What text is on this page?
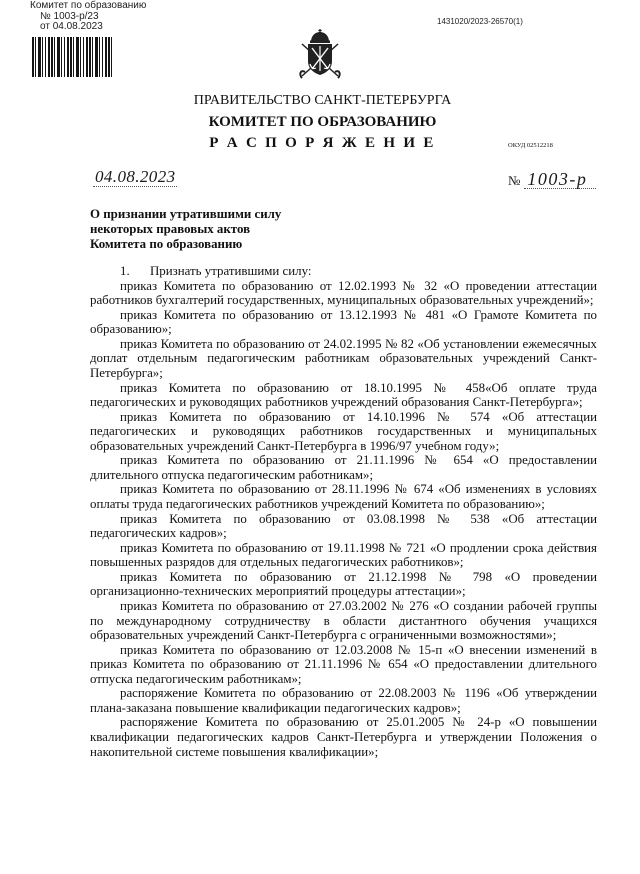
Комитет по образованию
№ 1003-р/23
от 04.08.2023	1431020/2023-26570(1)
ПРАВИТЕЛЬСТВО САНКТ-ПЕТЕРБУРГА
КОМИТЕТ ПО ОБРАЗОВАНИЮ
Р А С П О Р Я Ж Е Н И Е	ОКУД 02512218
04.08.2023	№ 1003-р
О признании утратившими силу
некоторых правовых актов
Комитета по образованию

1. Признать утратившими силу:

приказ Комитета по образованию от 12.02.1993 № 32 «О проведении аттестации работников бухгалтерий государственных, муниципальных образовательных учреждений»;

приказ Комитета по образованию от 13.12.1993 № 481 «О Грамоте Комитета по образованию»;

приказ Комитета по образованию от 24.02.1995 № 82 «Об установлении ежемесячных доплат отдельным педагогическим работникам образовательных учреждений Санкт-Петербурга»;

приказ Комитета по образованию от 18.10.1995 № 458«Об оплате труда педагогических и руководящих работников учреждений образования Санкт-Петербурга»;

приказ Комитета по образованию от 14.10.1996 № 574 «Об аттестации педагогических и руководящих работников государственных и муниципальных образовательных учреждений Санкт-Петербурга в 1996/97 учебном году»;

приказ Комитета по образованию от 21.11.1996 № 654 «О предоставлении длительного отпуска педагогическим работникам»;

приказ Комитета по образованию от 28.11.1996 № 674 «Об изменениях в условиях оплаты труда педагогических работников учреждений Комитета по образованию»;

приказ Комитета по образованию от 03.08.1998 № 538 «Об аттестации педагогических кадров»;

приказ Комитета по образованию от 19.11.1998 № 721 «О продлении срока действия повышенных разрядов для отдельных педагогических работников»;

приказ Комитета по образованию от 21.12.1998 № 798 «О проведении организационно-технических мероприятий процедуры аттестации»;

приказ Комитета по образованию от 27.03.2002 № 276 «О создании рабочей группы по международному сотрудничеству в области дистантного обучения учащихся образовательных учреждений Санкт-Петербурга с ограниченными возможностями»;

приказ Комитета по образованию от 12.03.2008 № 15-п «О внесении изменений в приказ Комитета по образованию от 21.11.1996 № 654 «О предоставлении длительного отпуска педагогическим работникам»;

распоряжение Комитета по образованию от 22.08.2003 № 1196 «Об утверждении плана-заказана повышение квалификации педагогических кадров»;

распоряжение Комитета по образованию от 25.01.2005 № 24-р «О повышении квалификации педагогических кадров Санкт-Петербурга и утверждении Положения о накопительной системе повышения квалификации»;
